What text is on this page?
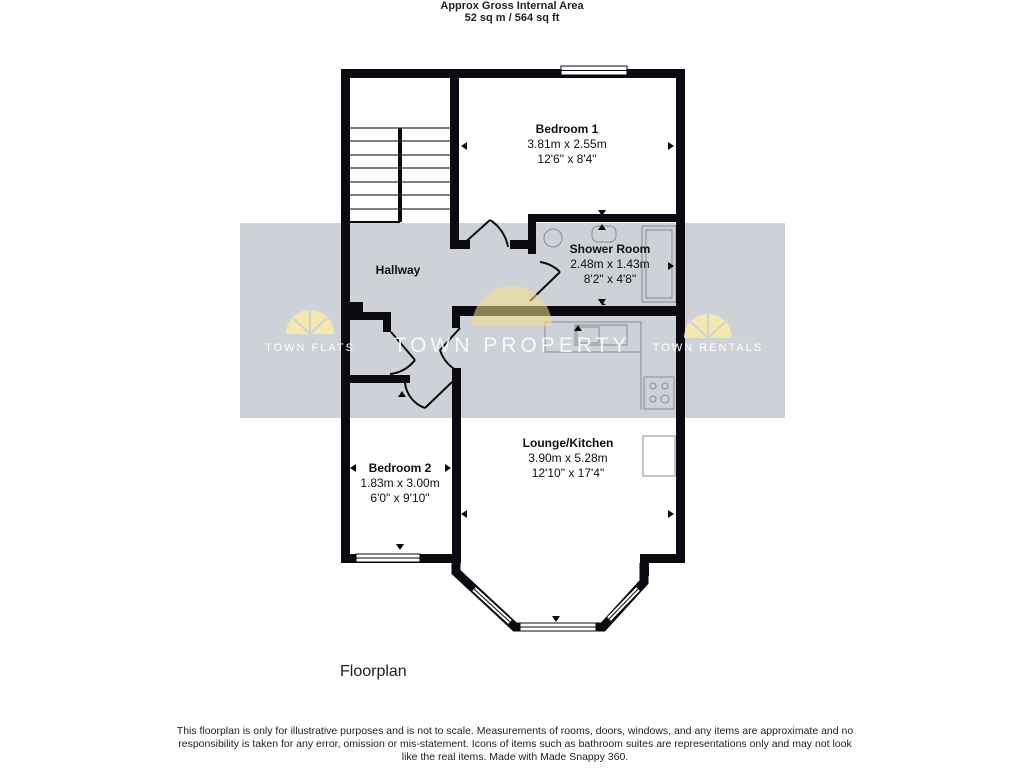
Approx Gross Internal Area
52 sq m / 564 sq ft
TOWN FLATS TOWN PROPERTY TOWN RENTALS
Bedroom 1
3.81m x 2.55m
12'6" x 8'4"
Shower Room
2.48m x 1.43m
8'2" x 4'8"
Hallway
Bedroom 2
1.83m x 3.00m
6'0" x 9'10"
Lounge/Kitchen
3.90m x 5.28m
12'10" x 17'4"
Floorplan
This floorplan is only for illustrative purposes and is not to scale. Measurements of rooms, doors, windows, and any items are approximate and no responsibility is taken for any error, omission or mis-statement. Icons of items such as bathroom suites are representations only and may not look like the real items. Made with Made Snappy 360.
